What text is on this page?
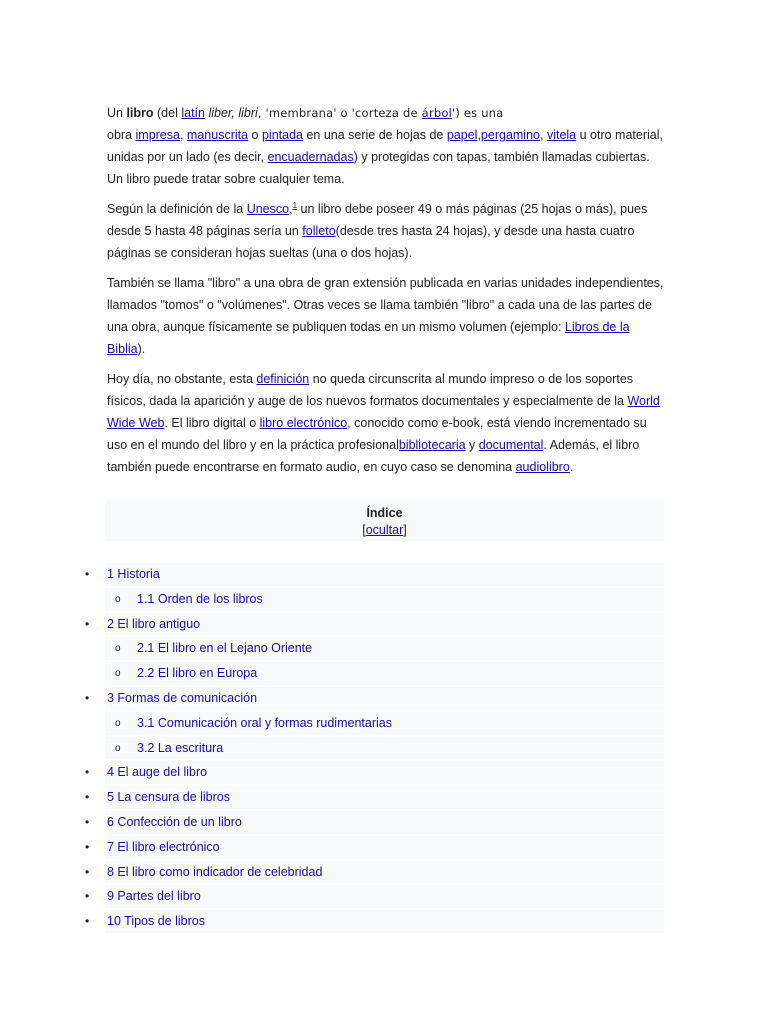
Un libro (del latín liber, libri, 'membrana' o 'corteza de árbol') es una
obra impresa, manuscrita o pintada en una serie de hojas de papel,pergamino, vitela u otro material, unidas por un lado (es decir, encuadernadas) y protegidas con tapas, también llamadas cubiertas. Un libro puede tratar sobre cualquier tema.

Según la definición de la Unesco,$^1$ un libro debe poseer 49 o más páginas (25 hojas o más), pues desde 5 hasta 48 páginas sería un folleto(desde tres hasta 24 hojas), y desde una hasta cuatro páginas se consideran hojas sueltas (una o dos hojas).

También se llama "libro" a una obra de gran extensión publicada en varias unidades independientes, llamados "tomos" o "volúmenes". Otras veces se llama también "libro" a cada una de las partes de una obra, aunque físicamente se publiquen todas en un mismo volumen (ejemplo: Libros de la Biblia).

Hoy día, no obstante, esta definición no queda circunscrita al mundo impreso o de los soportes físicos, dada la aparición y auge de los nuevos formatos documentales y especialmente de la World Wide Web. El libro digital o libro electrónico, conocido como e-book, está viendo incrementado su uso en el mundo del libro y en la práctica profesionalbibliotecaria y documental. Además, el libro también puede encontrarse en formato audio, en cuyo caso se denomina audiolibro.

Índice
[ocultar]
• 1 Historia
o 1.1 Orden de los libros
• 2 El libro antiguo
o 2.1 El libro en el Lejano Oriente
o 2.2 El libro en Europa
• 3 Formas de comunicación
o 3.1 Comunicación oral y formas rudimentarias
o 3.2 La escritura
• 4 El auge del libro
• 5 La censura de libros
• 6 Confección de un libro
• 7 El libro electrónico
• 8 El libro como indicador de celebridad
• 9 Partes del libro
• 10 Tipos de libros
